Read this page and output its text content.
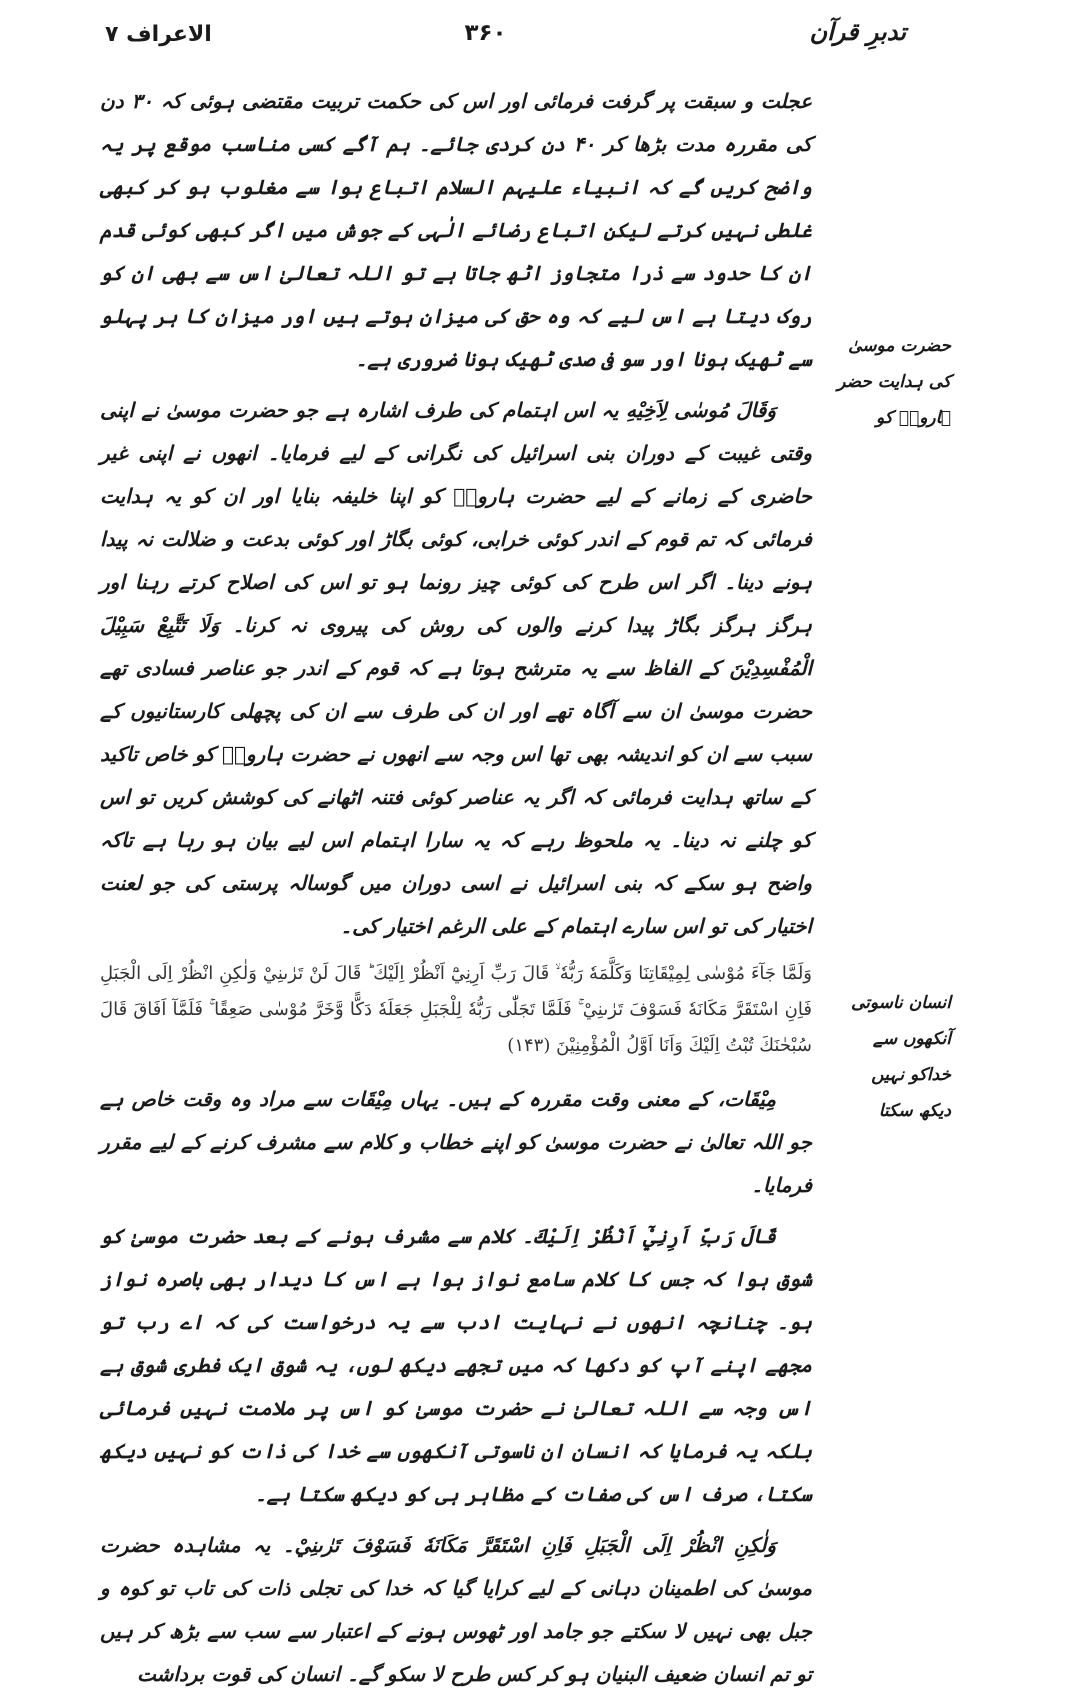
تدبرِ قرآن
۳۶۰
الاعراف ۷
حضرت موسیٰ
کی ہدایت حضر
ہارونؑ کو
انسان ناسوتی
آنکھوں سے
خداکو نہیں
دیکھ سکتا

عجلت و سبقت پر گرفت فرمائی اور اس کی حکمت تربیت مقتضی ہوئی کہ ۳۰ دن کی مقررہ مدت بڑھا کر ۴۰ دن کردی جائے۔ ہم آگے کسی مناسب موقع پر یہ واضح کریں گے کہ انبیاء علیہم السلام اتباع ہوا سے مغلوب ہو کر کبھی غلطی نہیں کرتے لیکن اتباع رضائے الٰہی کے جوش میں اگر کبھی کوئی قدم ان کا حدود سے ذرا متجاوز اٹھ جاتا ہے تو اللہ تعالیٰ اس سے بھی ان کو روک دیتا ہے اس لیے کہ وہ حق کی میزان ہوتے ہیں اور میزان کا ہر پہلو سے ٹھیک ہونا اور سو فی صدی ٹھیک ہونا ضروری ہے۔

وَقَالَ مُوسٰى لِاَخِيْهِ یہ اس اہتمام کی طرف اشارہ ہے جو حضرت موسیٰ نے اپنی وقتی غیبت کے دوران بنی اسرائیل کی نگرانی کے لیے فرمایا۔ انھوں نے اپنی غیر حاضری کے زمانے کے لیے حضرت ہارونؑ کو اپنا خلیفہ بنایا اور ان کو یہ ہدایت فرمائی کہ تم قوم کے اندر کوئی خرابی، کوئی بگاڑ اور کوئی بدعت و ضلالت نہ پیدا ہونے دینا۔ اگر اس طرح کی کوئی چیز رونما ہو تو اس کی اصلاح کرتے رہنا اور ہرگز ہرگز بگاڑ پیدا کرنے والوں کی روش کی پیروی نہ کرنا۔ وَلَا تَتَّبِعْ سَبِيْلَ الْمُفْسِدِيْنَ کے الفاظ سے یہ مترشح ہوتا ہے کہ قوم کے اندر جو عناصر فسادی تھے حضرت موسیٰ ان سے آگاہ تھے اور ان کی طرف سے ان کی پچھلی کارستانیوں کے سبب سے ان کو اندیشہ بھی تھا اس وجہ سے انھوں نے حضرت ہارونؑ کو خاص تاکید کے ساتھ ہدایت فرمائی کہ اگر یہ عناصر کوئی فتنہ اٹھانے کی کوشش کریں تو اس کو چلنے نہ دینا۔ یہ ملحوظ رہے کہ یہ سارا اہتمام اس لیے بیان ہو رہا ہے تاکہ واضح ہو سکے کہ بنی اسرائیل نے اسی دوران میں گوسالہ پرستی کی جو لعنت اختیار کی تو اس سارے اہتمام کے علی الرغم اختیار کی۔

وَلَمَّا جَآءَ مُوْسٰى لِمِيْقَاتِنَا وَكَلَّمَهٗ رَبُّهٗ ۙ قَالَ رَبِّ اَرِنِيْٓ اَنْظُرْ اِلَيْكَ ؕ قَالَ لَنْ تَرٰىنِيْ وَلٰكِنِ انْظُرْ اِلَى الْجَبَلِ فَاِنِ اسْتَقَرَّ مَكَانَهٗ فَسَوْفَ تَرٰىنِيْ ۚ فَلَمَّا تَجَلّٰى رَبُّهٗ لِلْجَبَلِ جَعَلَهٗ دَكًّا وَّخَرَّ مُوْسٰى صَعِقًا ۚ فَلَمَّآ اَفَاقَ قَالَ سُبْحٰنَكَ تُبْتُ اِلَيْكَ وَاَنَا اَوَّلُ الْمُؤْمِنِيْنَ (۱۴۳)

مِيْقَات، کے معنی وقت مقررہ کے ہیں۔ یہاں مِيْقَات سے مراد وہ وقت خاص ہے جو اللہ تعالیٰ نے حضرت موسیٰ کو اپنے خطاب و کلام سے مشرف کرنے کے لیے مقرر فرمایا۔

قَالَ رَبِّ اَرِنِيْٓ اَنْظُرْ اِلَيْكَ۔ کلام سے مشرف ہونے کے بعد حضرت موسیٰ کو شوق ہوا کہ جس کا کلام سامع نواز ہوا ہے اس کا دیدار بھی باصرہ نواز ہو۔ چنانچہ انھوں نے نہایت ادب سے یہ درخواست کی کہ اے رب تو مجھے اپنے آپ کو دکھا کہ میں تجھے دیکھ لوں، یہ شوق ایک فطری شوق ہے اس وجہ سے اللہ تعالیٰ نے حضرت موسیٰ کو اس پر ملامت نہیں فرمائی بلکہ یہ فرمایا کہ انسان ان ناسوتی آنکھوں سے خدا کی ذات کو نہیں دیکھ سکتا، صرف اس کی صفات کے مظاہر ہی کو دیکھ سکتا ہے۔

وَلٰكِنِ انْظُرْ اِلَى الْجَبَلِ فَاِنِ اسْتَقَرَّ مَكَانَهٗ فَسَوْفَ تَرٰىنِيْ۔ یہ مشاہدہ حضرت موسیٰ کی اطمینان دہانی کے لیے کرایا گیا کہ خدا کی تجلی ذات کی تاب تو کوہ و جبل بھی نہیں لا سکتے جو جامد اور ٹھوس ہونے کے اعتبار سے سب سے بڑھ کر ہیں تو تم انسان ضعیف البنیان ہو کر کس طرح لا سکو گے۔ انسان کی قوت برداشت
